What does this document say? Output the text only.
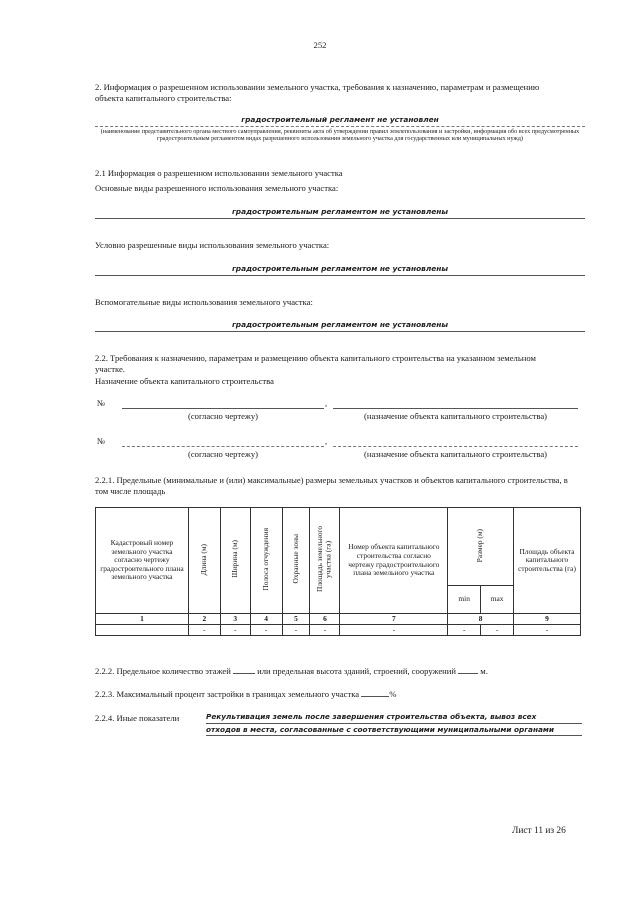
252
2. Информация о разрешенном использовании земельного участка, требования к назначению, параметрам и размещению объекта капитального строительства:
градостроительный регламент не установлен
(наименование представительного органа местного самоуправления, реквизиты акта об утверждении правил землепользования и застройки, информация обо всех предусмотренных градостроительным регламентом видах разрешенного использования земельного участка для государственных или муниципальных нужд)
2.1 Информация о разрешенном использовании земельного участка
Основные виды разрешенного использования земельного участка:
градостроительным регламентом не установлены
Условно разрешенные виды использования земельного участка:
градостроительным регламентом не установлены
Вспомогательные виды использования земельного участка:
градостроительным регламентом не установлены
2.2. Требования к назначению, параметрам и размещению объекта капитального строительства на указанном земельном участке.
Назначение объекта капитального строительства
№	,
(согласно чертежу)	(назначение объекта капитального строительства)
№	,
(согласно чертежу)	(назначение объекта капитального строительства)
2.2.1. Предельные (минимальные и (или) максимальные) размеры земельных участков и объектов капитального строительства, в том числе площадь
Кадастровый номер земельного участка согласно чертежу градостроительного плана земельного участка	Длина (м)	Ширина (м)	Полоса отчуждения	Охранные зоны	Площадь земельного участка (га)	Номер объекта капитального строительства согласно чертежу градостроительного плана земельного участка	Размер (м)		Площадь объекта капитального строительства (га)
							min	max	
1	2	3	4	5	6	7	8		9
	-	-	-	-	-	-	-	-	-
2.2.2. Предельное количество этажей	или предельная высота зданий, строений, сооружений	м.
2.2.3. Максимальный процент застройки в границах земельного участка	%
2.2.4. Иные показатели	Рекультивация земель после завершения строительства объекта, вывоз всех
отходов в места, согласованные с соответствующими муниципальными органами
Лист 11 из 26
